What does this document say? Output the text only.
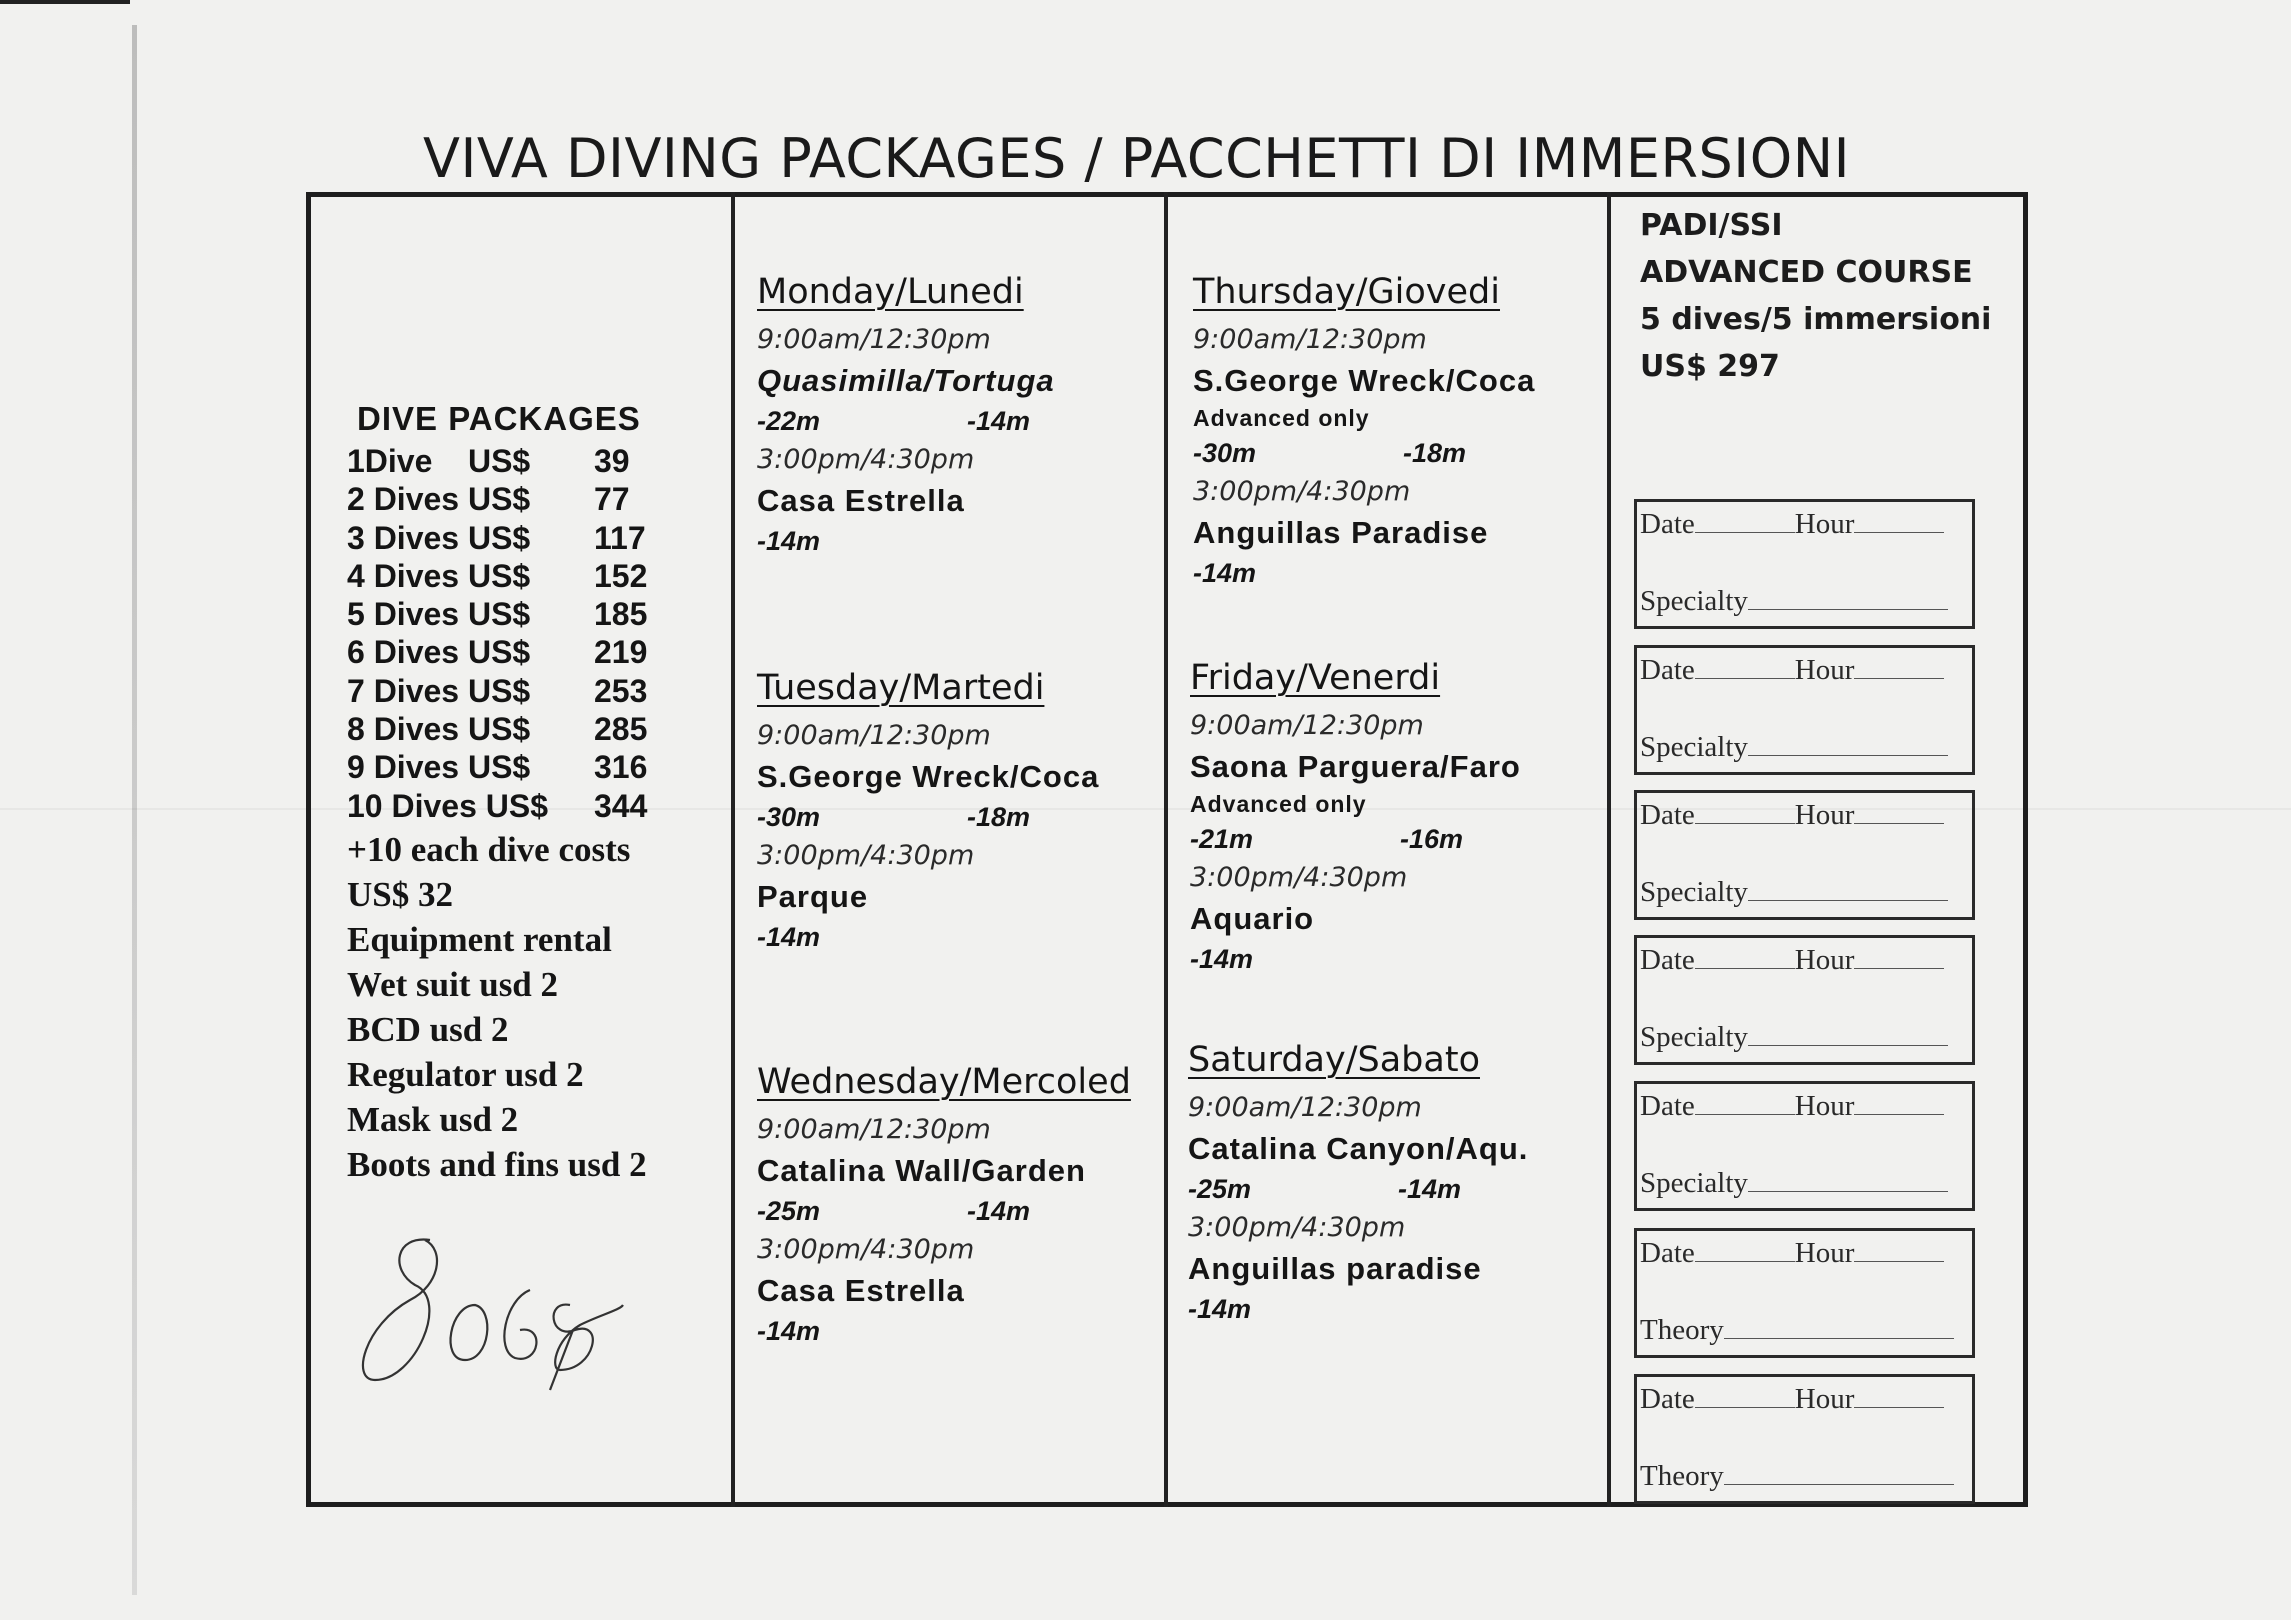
VIVA DIVING PACKAGES / PACCHETTI DI IMMERSIONI
DIVE PACKAGES
1Dive    US$ 39
2 Dives US$ 77
3 Dives US$ 117
4 Dives US$ 152
5 Dives US$ 185
6 Dives US$ 219
7 Dives US$ 253
8 Dives US$ 285
9 Dives US$ 316
10 Dives US$ 344
+10 each dive costs
US$ 32
Equipment rental
Wet suit usd 2
BCD usd 2
Regulator usd 2
Mask usd 2
Boots and fins usd 2
Monday/Lunedi
9:00am/12:30pm
Quasimilla/Tortuga
-22m	-14m
3:00pm/4:30pm
Casa Estrella
-14m
Tuesday/Martedi
9:00am/12:30pm
S.George Wreck/Coca
-30m	-18m
3:00pm/4:30pm
Parque
-14m
Wednesday/Mercoled
9:00am/12:30pm
Catalina Wall/Garden
-25m	-14m
3:00pm/4:30pm
Casa Estrella
-14m
Thursday/Giovedi
9:00am/12:30pm
S.George Wreck/Coca
Advanced only
-30m	-18m
3:00pm/4:30pm
Anguillas Paradise
-14m
Friday/Venerdi
9:00am/12:30pm
Saona Parguera/Faro
Advanced only
-21m	-16m
3:00pm/4:30pm
Aquario
-14m
Saturday/Sabato
9:00am/12:30pm
Catalina Canyon/Aqu.
-25m	-14m
3:00pm/4:30pm
Anguillas paradise
-14m
PADI/SSI
ADVANCED COURSE
5 dives/5 immersioni
US$ 297
Date	Hour
Specialty
Date	Hour
Specialty
Date	Hour
Specialty
Date	Hour
Specialty
Date	Hour
Specialty
Date	Hour
Theory
Date	Hour
Theory
